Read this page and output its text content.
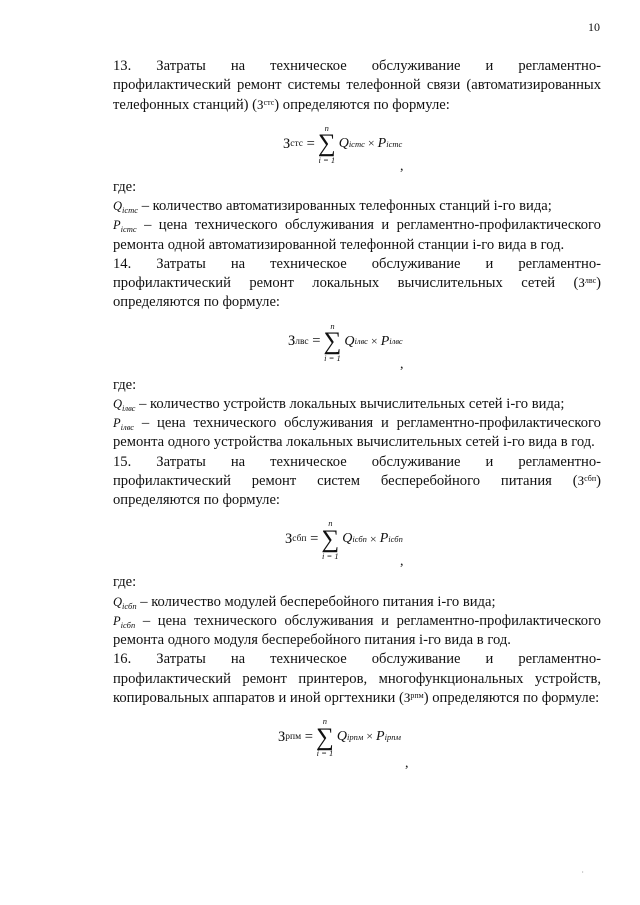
10

13. Затраты на техническое обслуживание и регламентно-

профилактический ремонт системы телефонной связи (автоматизированных телефонных станций) $(З^{стс})$ определяются по формуле:

З стс =
n
∑
i = 1
Q iстс × P iстс
,

где:

$Q_{iстс}$ – количество автоматизированных телефонных станций i-го вида;

$P_{iстс}$ – цена технического обслуживания и регламентно-профилактического ремонта одной автоматизированной телефонной станции i-го вида в год.

14. Затраты на техническое обслуживание и регламентно-

профилактический ремонт локальных вычислительных сетей $(З^{лвс})$ определяются по формуле:

З лвс =
n
∑
i = 1
Q iлвс × P iлвс
,

где:

$Q_{iлвс}$ – количество устройств локальных вычислительных сетей i-го вида;

$P_{iлвс}$ – цена технического обслуживания и регламентно-профилактического ремонта одного устройства локальных вычислительных сетей i-го вида в год.

15. Затраты на техническое обслуживание и регламентно-

профилактический ремонт систем бесперебойного питания $(З^{сбп})$ определяются по формуле:

З сбп =
n
∑
i = 1
Q iсбп × P iсбп
,

где:

$Q_{iсбп}$ – количество модулей бесперебойного питания i-го вида;

$P_{iсбп}$ – цена технического обслуживания и регламентно-профилактического ремонта одного модуля бесперебойного питания i-го вида в год.

16. Затраты на техническое обслуживание и регламентно-

профилактический ремонт принтеров, многофункциональных устройств, копировальных аппаратов и иной оргтехники $(З^{рпм})$ определяются по формуле:

З рпм =
n
∑
i = 1
Q iрпм × P iрпм
,
·
